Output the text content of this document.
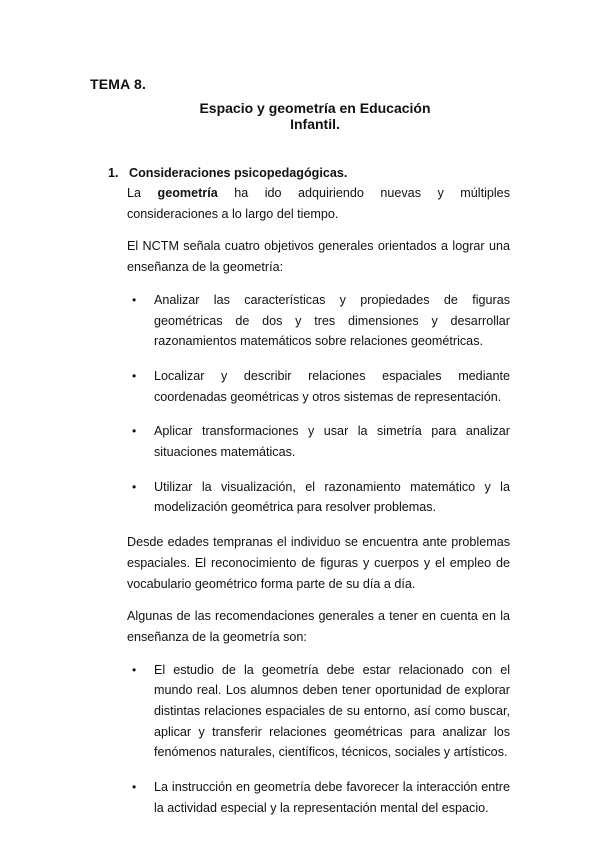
TEMA 8.
Espacio y geometría en Educación
Infantil.
1. Consideraciones psicopedagógicas.

La geometría ha ido adquiriendo nuevas y múltiples consideraciones a lo largo del tiempo.

El NCTM señala cuatro objetivos generales orientados a lograr una enseñanza de la geometría:

• Analizar las características y propiedades de figuras geométricas de dos y tres dimensiones y desarrollar razonamientos matemáticos sobre relaciones geométricas.
• Localizar y describir relaciones espaciales mediante coordenadas geométricas y otros sistemas de representación.
• Aplicar transformaciones y usar la simetría para analizar situaciones matemáticas.
• Utilizar la visualización, el razonamiento matemático y la modelización geométrica para resolver problemas.

Desde edades tempranas el individuo se encuentra ante problemas espaciales. El reconocimiento de figuras y cuerpos y el empleo de vocabulario geométrico forma parte de su día a día.

Algunas de las recomendaciones generales a tener en cuenta en la enseñanza de la geometría son:

• El estudio de la geometría debe estar relacionado con el mundo real. Los alumnos deben tener oportunidad de explorar distintas relaciones espaciales de su entorno, así como buscar, aplicar y transferir relaciones geométricas para analizar los fenómenos naturales, científicos, técnicos, sociales y artísticos.
• La instrucción en geometría debe favorecer la interacción entre la actividad especial y la representación mental del espacio.
